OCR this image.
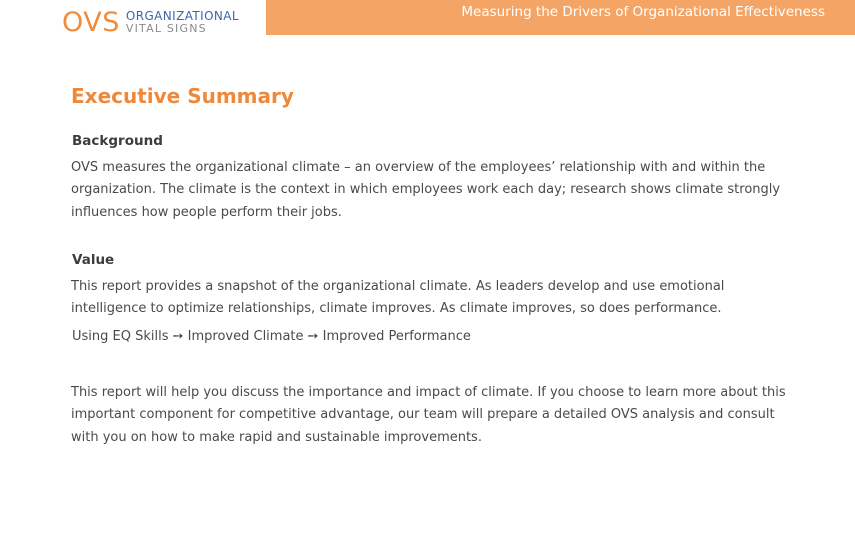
OVS ORGANIZATIONAL
VITAL SIGNS
Measuring the Drivers of Organizational Effectiveness
Executive Summary
Background

OVS measures the organizational climate – an overview of the employees’ relationship with and within the organization. The climate is the context in which employees work each day; research shows climate strongly influences how people perform their jobs.

Value

This report provides a snapshot of the organizational climate. As leaders develop and use emotional intelligence to optimize relationships, climate improves. As climate improves, so does performance.

Using EQ Skills ➙ Improved Climate ➙ Improved Performance

This report will help you discuss the importance and impact of climate. If you choose to learn more about this important component for competitive advantage, our team will prepare a detailed OVS analysis and consult with you on how to make rapid and sustainable improvements.
